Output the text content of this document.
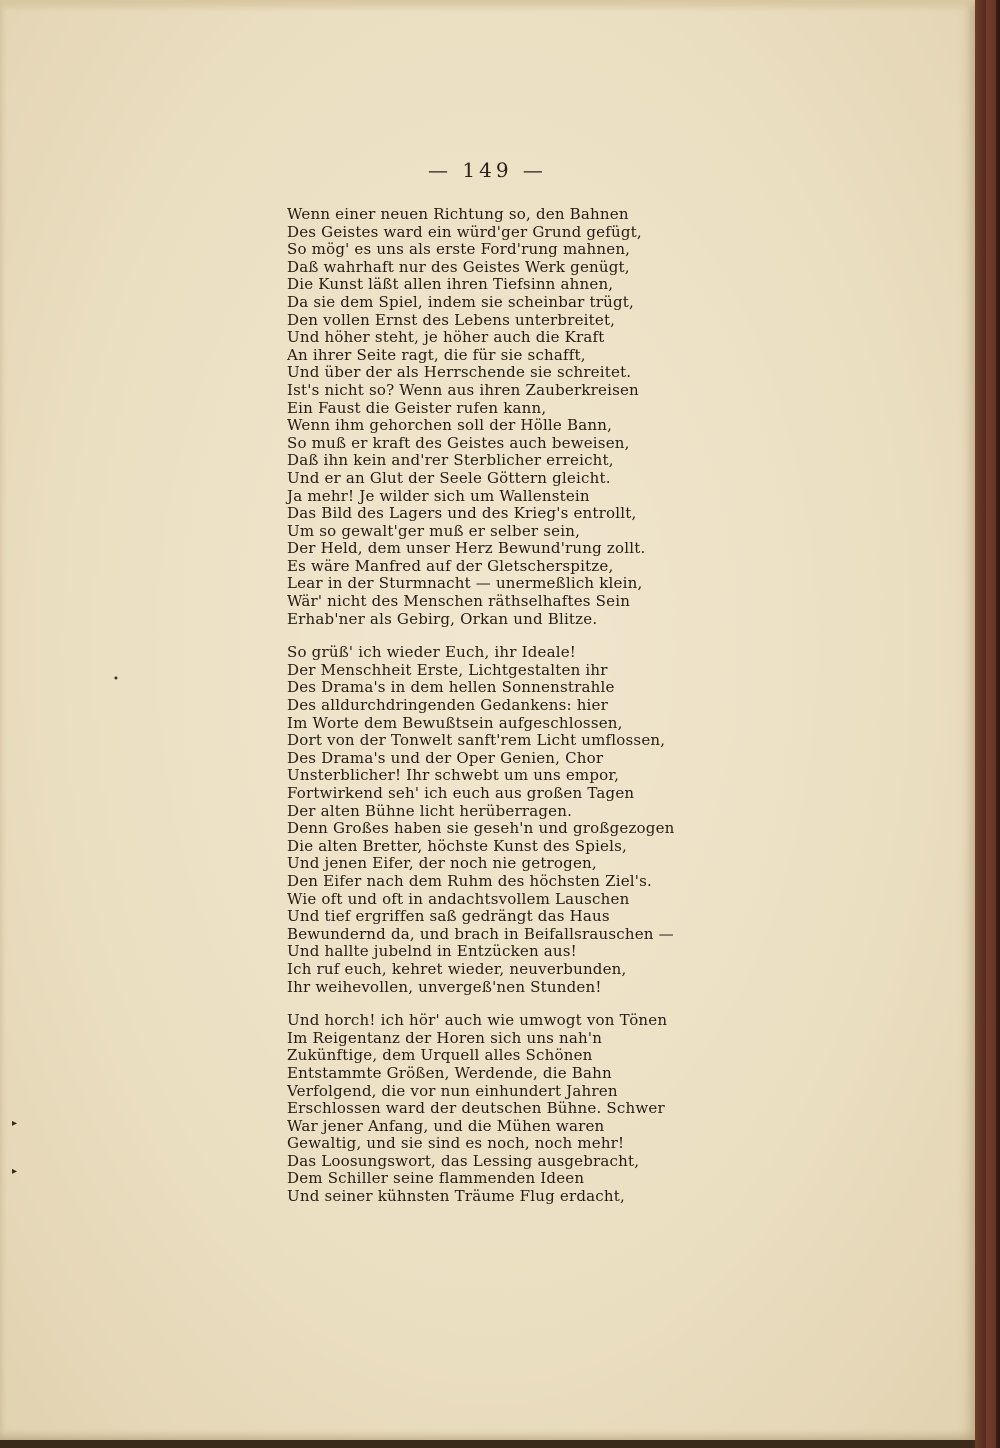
— 149 —
•
▸
▸
Wenn einer neuen Richtung so, den Bahnen
Des Geistes ward ein würd'ger Grund gefügt,
So mög' es uns als erste Ford'rung mahnen,
Daß wahrhaft nur des Geistes Werk genügt,
Die Kunst läßt allen ihren Tiefsinn ahnen,
Da sie dem Spiel, indem sie scheinbar trügt,
Den vollen Ernst des Lebens unterbreitet,
Und höher steht, je höher auch die Kraft
An ihrer Seite ragt, die für sie schafft,
Und über der als Herrschende sie schreitet.
Ist's nicht so? Wenn aus ihren Zauberkreisen
Ein Faust die Geister rufen kann,
Wenn ihm gehorchen soll der Hölle Bann,
So muß er kraft des Geistes auch beweisen,
Daß ihn kein and'rer Sterblicher erreicht,
Und er an Glut der Seele Göttern gleicht.
Ja mehr! Je wilder sich um Wallenstein
Das Bild des Lagers und des Krieg's entrollt,
Um so gewalt'ger muß er selber sein,
Der Held, dem unser Herz Bewund'rung zollt.
Es wäre Manfred auf der Gletscherspitze,
Lear in der Sturmnacht — unermeßlich klein,
Wär' nicht des Menschen räthselhaftes Sein
Erhab'ner als Gebirg, Orkan und Blitze.
So grüß' ich wieder Euch, ihr Ideale!
Der Menschheit Erste, Lichtgestalten ihr
Des Drama's in dem hellen Sonnenstrahle
Des alldurchdringenden Gedankens: hier
Im Worte dem Bewußtsein aufgeschlossen,
Dort von der Tonwelt sanft'rem Licht umflossen,
Des Drama's und der Oper Genien, Chor
Unsterblicher! Ihr schwebt um uns empor,
Fortwirkend seh' ich euch aus großen Tagen
Der alten Bühne licht herüberragen.
Denn Großes haben sie geseh'n und großgezogen
Die alten Bretter, höchste Kunst des Spiels,
Und jenen Eifer, der noch nie getrogen,
Den Eifer nach dem Ruhm des höchsten Ziel's.
Wie oft und oft in andachtsvollem Lauschen
Und tief ergriffen saß gedrängt das Haus
Bewundernd da, und brach in Beifallsrauschen —
Und hallte jubelnd in Entzücken aus!
Ich ruf euch, kehret wieder, neuverbunden,
Ihr weihevollen, unvergeß'nen Stunden!
Und horch! ich hör' auch wie umwogt von Tönen
Im Reigentanz der Horen sich uns nah'n
Zukünftige, dem Urquell alles Schönen
Entstammte Größen, Werdende, die Bahn
Verfolgend, die vor nun einhundert Jahren
Erschlossen ward der deutschen Bühne. Schwer
War jener Anfang, und die Mühen waren
Gewaltig, und sie sind es noch, noch mehr!
Das Loosungswort, das Lessing ausgebracht,
Dem Schiller seine flammenden Ideen
Und seiner kühnsten Träume Flug erdacht,
